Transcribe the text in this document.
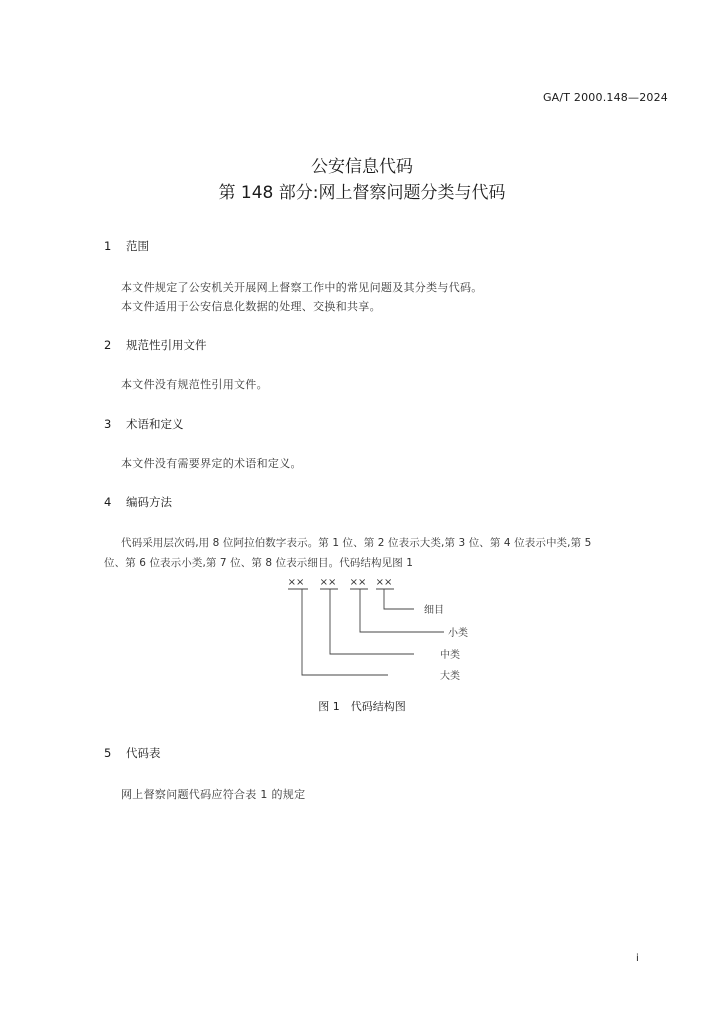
GA/T 2000.148—2024
公安信息代码
第 148 部分:网上督察问题分类与代码
1 范围
本文件规定了公安机关开展网上督察工作中的常见问题及其分类与代码。
本文件适用于公安信息化数据的处理、交换和共享。
2 规范性引用文件
本文件没有规范性引用文件。
3 术语和定义
本文件没有需要界定的术语和定义。
4 编码方法
代码采用层次码,用 8 位阿拉伯数字表示。第 1 位、第 2 位表示大类,第 3 位、第 4 位表示中类,第 5
位、第 6 位表示小类,第 7 位、第 8 位表示细目。代码结构见图 1
×× ×× ×× ××
细目
小类
中类
大类
图 1　代码结构图
5 代码表
网上督察问题代码应符合表 1 的规定
i
